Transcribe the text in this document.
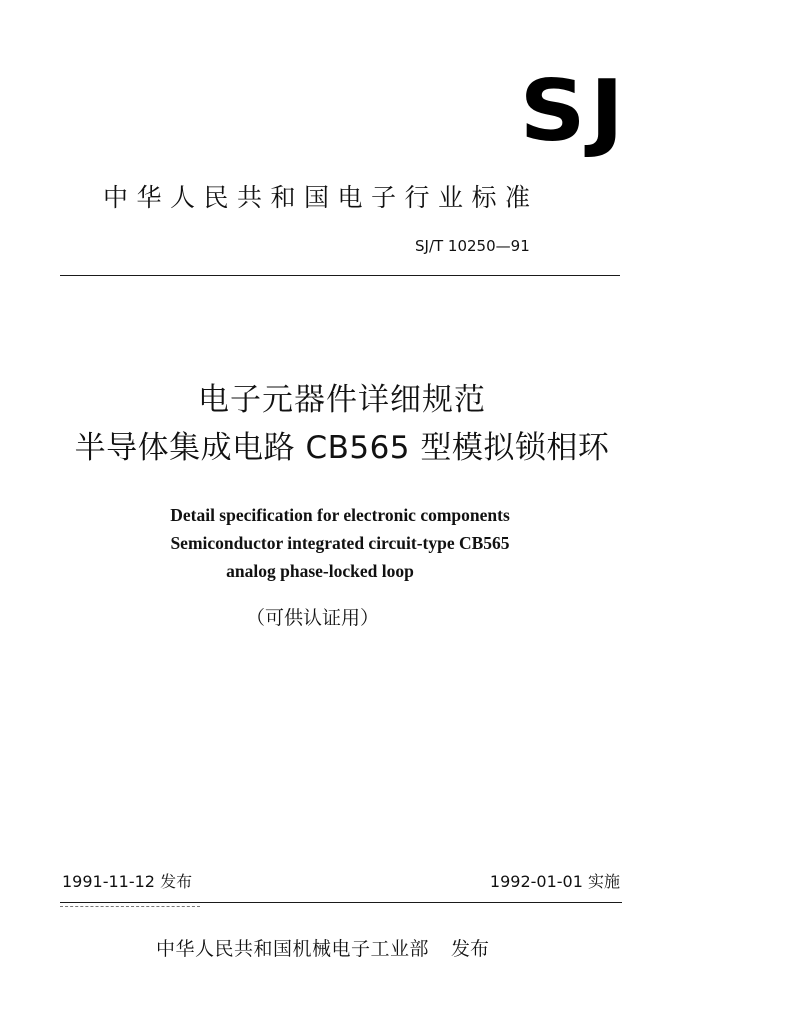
SJ
中华人民共和国电子行业标准
SJ/T 10250—91
电子元器件详细规范
半导体集成电路 CB565 型模拟锁相环
Detail specification for electronic components
Semiconductor integrated circuit-type CB565
analog phase-locked loop
（可供认证用）
1991-11-12 发布	1992-01-01 实施
中华人民共和国机械电子工业部 发布
